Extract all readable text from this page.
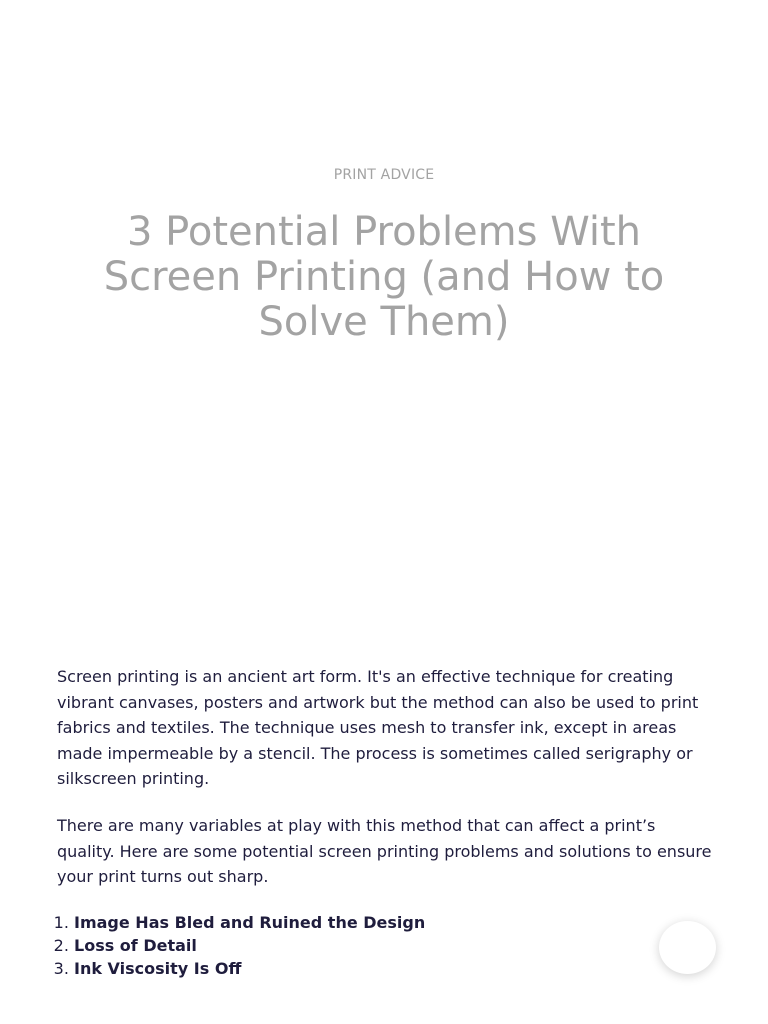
PRINT ADVICE
3 Potential Problems With Screen Printing (and How to Solve Them)

Screen printing is an ancient art form. It's an effective technique for creating vibrant canvases, posters and artwork but the method can also be used to print fabrics and textiles. The technique uses mesh to transfer ink, except in areas made impermeable by a stencil. The process is sometimes called serigraphy or silkscreen printing.

There are many variables at play with this method that can affect a print’s quality. Here are some potential screen printing problems and solutions to ensure your print turns out sharp.

1. Image Has Bled and Ruined the Design
2. Loss of Detail
3. Ink Viscosity Is Off
